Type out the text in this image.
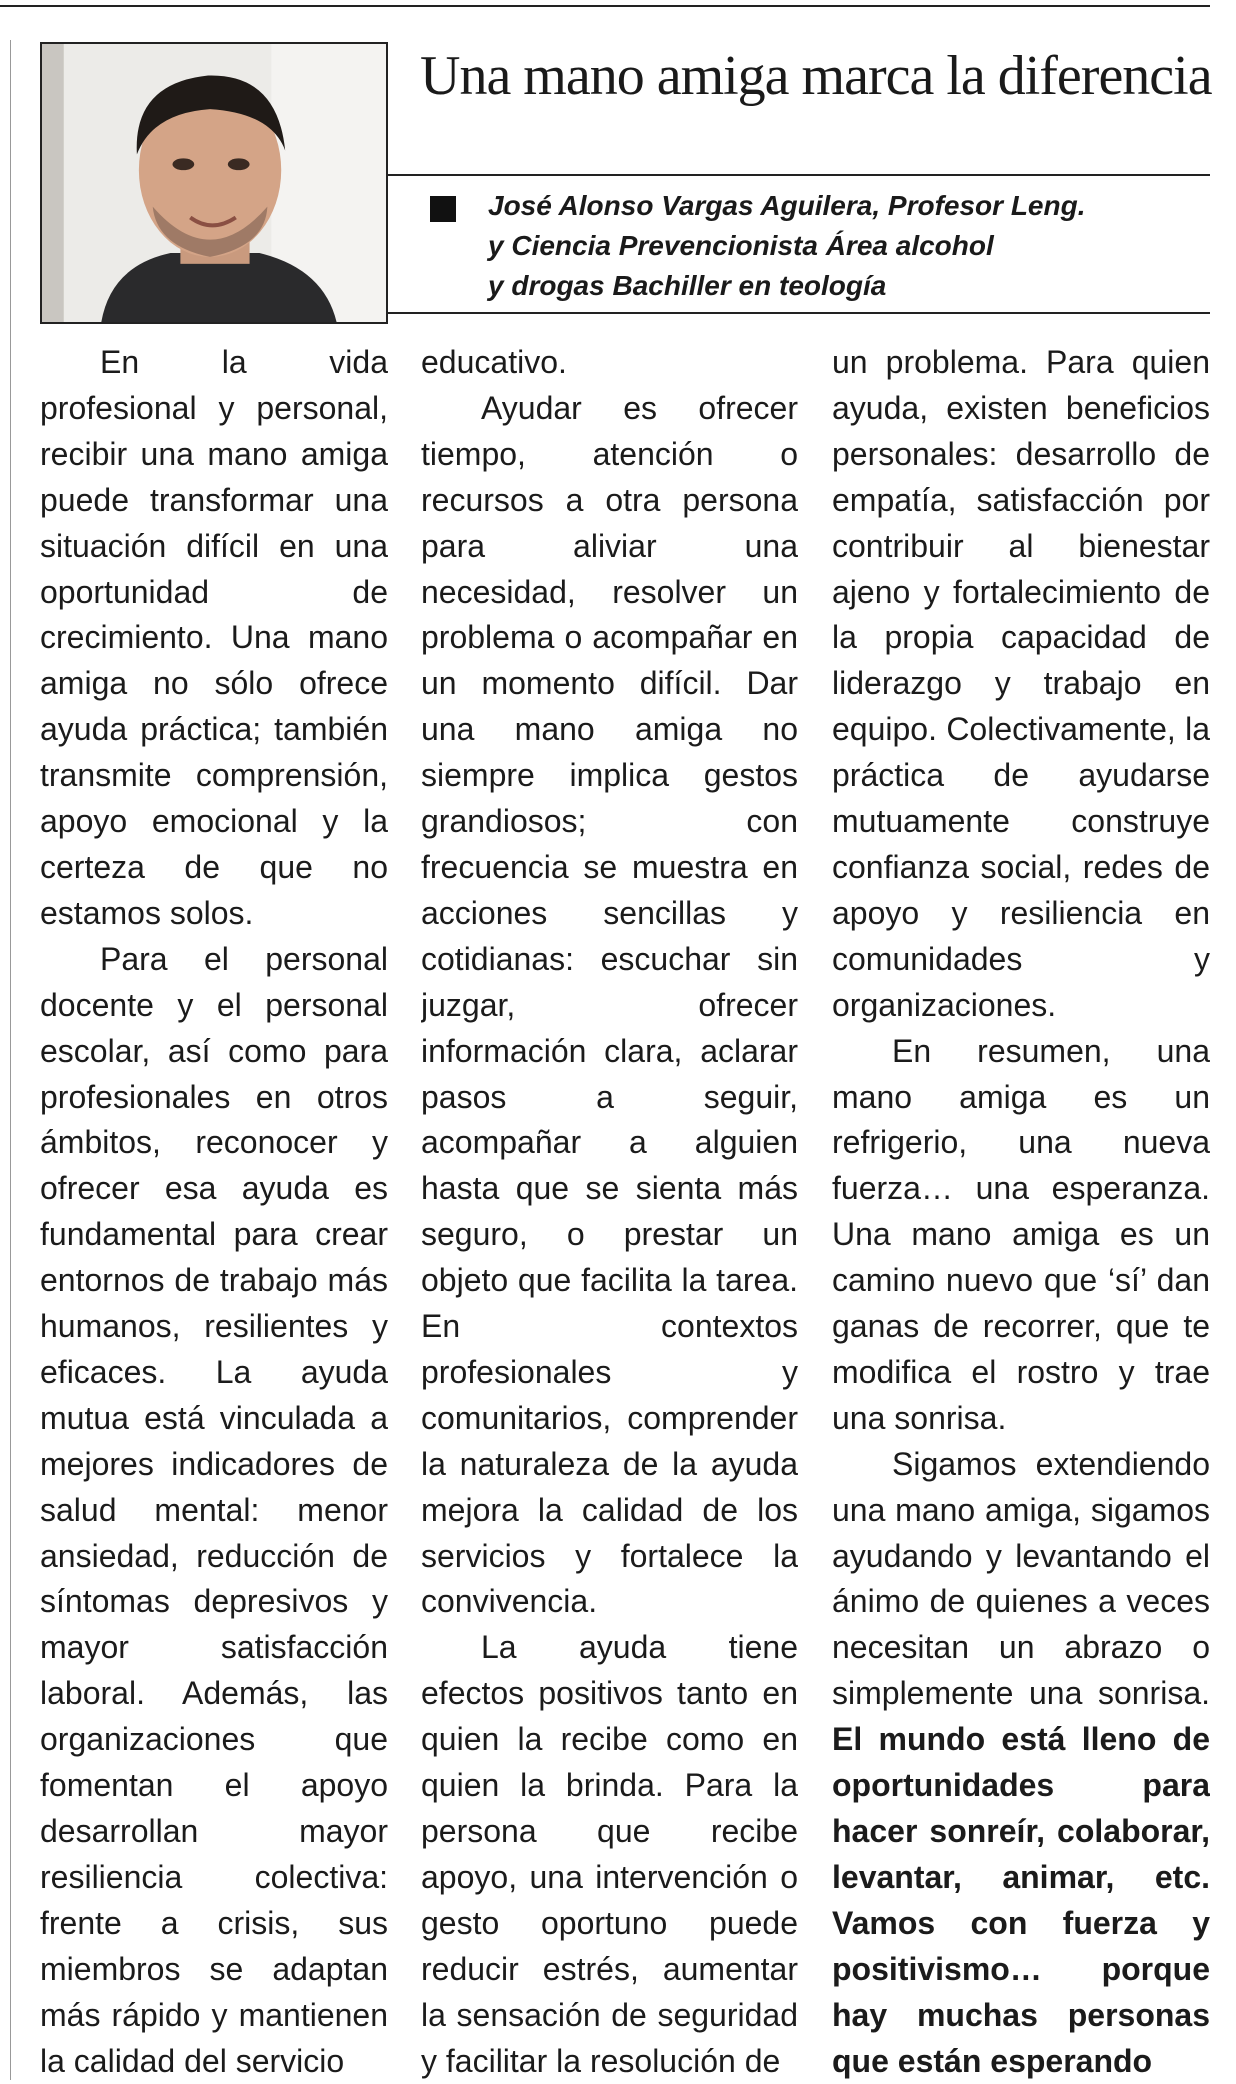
Una mano amiga marca la diferencia
José Alonso Vargas Aguilera, Profesor Leng.
y Ciencia Prevencionista Área alcohol
y drogas Bachiller en teología

En la vida profesional y personal, recibir una mano amiga puede transformar una situación difícil en una oportunidad de crecimiento. Una mano amiga no sólo ofrece ayuda práctica; también transmite comprensión, apoyo emocional y la certeza de que no estamos solos.

Para el personal docente y el personal escolar, así como para profesionales en otros ámbitos, reconocer y ofrecer esa ayuda es fundamental para crear entornos de trabajo más humanos, resilientes y eficaces. La ayuda mutua está vinculada a mejores indicadores de salud mental: menor ansiedad, reducción de síntomas depresivos y mayor satisfacción laboral. Además, las organizaciones que fomentan el apoyo desarrollan mayor resiliencia colectiva: frente a crisis, sus miembros se adaptan más rápido y mantienen la calidad del servicio

educativo.

Ayudar es ofrecer tiempo, atención o recursos a otra persona para aliviar una necesidad, resolver un problema o acompañar en un momento difícil. Dar una mano amiga no siempre implica gestos grandiosos; con frecuencia se muestra en acciones sencillas y cotidianas: escuchar sin juzgar, ofrecer información clara, aclarar pasos a seguir, acompañar a alguien hasta que se sienta más seguro, o prestar un objeto que facilita la tarea. En contextos profesionales y comunitarios, comprender la naturaleza de la ayuda mejora la calidad de los servicios y fortalece la convivencia.

La ayuda tiene efectos positivos tanto en quien la recibe como en quien la brinda. Para la persona que recibe apoyo, una intervención o gesto oportuno puede reducir estrés, aumentar la sensación de seguridad y facilitar la resolución de

un problema. Para quien ayuda, existen beneficios personales: desarrollo de empatía, satisfacción por contribuir al bienestar ajeno y fortalecimiento de la propia capacidad de liderazgo y trabajo en equipo. Colectivamente, la práctica de ayudarse mutuamente construye confianza social, redes de apoyo y resiliencia en comunidades y organizaciones.

En resumen, una mano amiga es un refrigerio, una nueva fuerza… una esperanza. Una mano amiga es un camino nuevo que ‘sí’ dan ganas de recorrer, que te modifica el rostro y trae una sonrisa.

Sigamos extendiendo una mano amiga, sigamos ayudando y levantando el ánimo de quienes a veces necesitan un abrazo o simplemente una sonrisa. El mundo está lleno de oportunidades para hacer sonreír, colaborar, levantar, animar, etc. Vamos con fuerza y positivismo… porque hay muchas personas que están esperando
